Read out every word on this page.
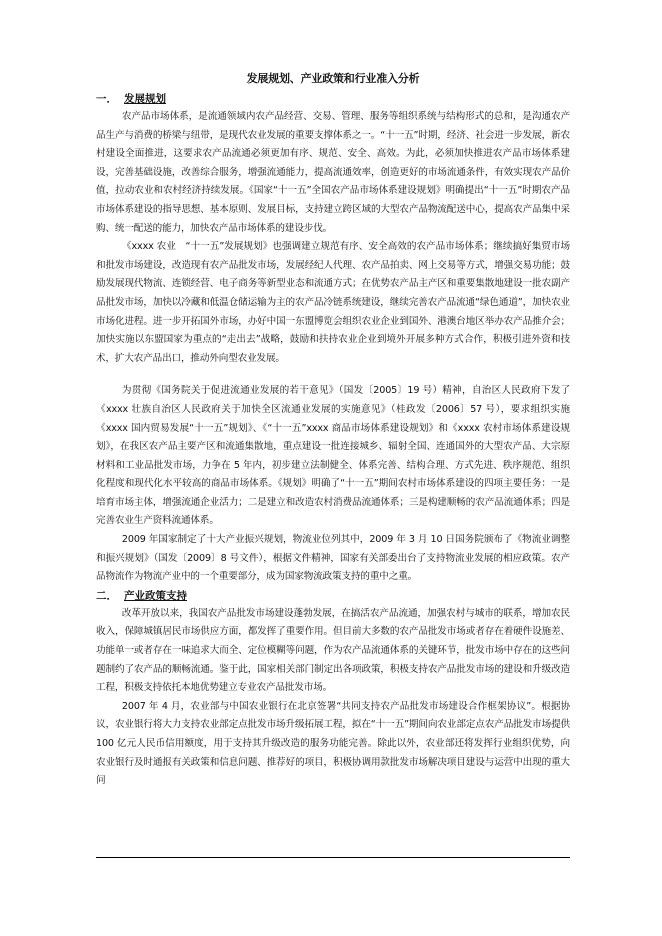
发展规划、产业政策和行业准入分析
一． 发展规划

农产品市场体系，是流通领域内农产品经营、交易、管理、服务等组织系统与结构形式的总和，是沟通农产品生产与消费的桥梁与纽带，是现代农业发展的重要支撑体系之一。“十一五”时期，经济、社会进一步发展，新农村建设全面推进，这要求农产品流通必须更加有序、规范、安全、高效。为此，必须加快推进农产品市场体系建设，完善基础设施，改善综合服务，增强流通能力，提高流通效率，创造更好的市场流通条件，有效实现农产品价值，拉动农业和农村经济持续发展。《国家“十一五”全国农产品市场体系建设规划》明确提出“十一五”时期农产品市场体系建设的指导思想、基本原则、发展目标，支持建立跨区域的大型农产品物流配送中心，提高农产品集中采购、统一配送的能力，加快农产品市场体系的建设步伐。

《xxxx 农业　“十一五”发展规划》也强调建立规范有序、安全高效的农产品市场体系；继续搞好集贸市场和批发市场建设，改造现有农产品批发市场，发展经纪人代理、农产品拍卖、网上交易等方式，增强交易功能；鼓励发展现代物流、连锁经营、电子商务等新型业态和流通方式；在优势农产品主产区和重要集散地建设一批农副产品批发市场，加快以冷藏和低温仓储运输为主的农产品冷链系统建设，继续完善农产品流通“绿色通道”，加快农业市场化进程。进一步开拓国外市场，办好中国一东盟博览会组织农业企业到国外、港澳台地区举办农产品推介会；加快实施以东盟国家为重点的“走出去”战略，鼓励和扶持农业企业到境外开展多种方式合作，积极引进外资和技术，扩大农产品出口，推动外向型农业发展。

为贯彻《国务院关于促进流通业发展的若干意见》（国发〔2005〕19 号）精神，自治区人民政府下发了《xxxx 壮族自治区人民政府关于加快全区流通业发展的实施意见》（桂政发〔2006〕57 号），要求组织实施《xxxx 国内贸易发展“十一五”规划》、《“十一五”xxxx 商品市场体系建设规划》和《xxxx 农村市场体系建设规划》，在我区农产品主要产区和流通集散地，重点建设一批连接城乡、辐射全国、连通国外的大型农产品、大宗原材料和工业品批发市场，力争在 5 年内，初步建立法制健全、体系完善、结构合理、方式先进、秩序规范、组织化程度和现代化水平较高的商品市场体系。《规划》明确了“十一五”期间农村市场体系建设的四项主要任务：一是培育市场主体，增强流通企业活力；二是建立和改造农村消费品流通体系；三是构建顺畅的农产品流通体系；四是完善农业生产资料流通体系。

2009 年国家制定了十大产业振兴规划，物流业位列其中，2009 年 3 月 10 日国务院颁布了《物流业调整和振兴规划》（国发〔2009〕8 号文件），根据文件精神，国家有关部委出台了支持物流业发展的相应政策。农产品物流作为物流产业中的一个重要部分，成为国家物流政策支持的重中之重。

二． 产业政策支持

改革开放以来，我国农产品批发市场建设蓬勃发展，在搞活农产品流通，加强农村与城市的联系，增加农民收入，保障城镇居民市场供应方面，都发挥了重要作用。但目前大多数的农产品批发市场或者存在着硬件设施差、功能单一或者存在一味追求大而全、定位模糊等问题，作为农产品流通体系的关键环节，批发市场中存在的这些问题制约了农产品的顺畅流通。鉴于此，国家相关部门制定出各项政策，积极支持农产品批发市场的建设和升级改造工程，积极支持依托本地优势建立专业农产品批发市场。

2007 年 4 月，农业部与中国农业银行在北京签署“共同支持农产品批发市场建设合作框架协议”。根据协议，农业银行将大力支持农业部定点批发市场升级拓展工程，拟在“十一五”期间向农业部定点农产品批发市场提供 100 亿元人民币信用额度，用于支持其升级改造的服务功能完善。除此以外，农业部还将发挥行业组织优势，向农业银行及时通报有关政策和信息问题、推荐好的项目，积极协调用款批发市场解决项目建设与运营中出现的重大问
